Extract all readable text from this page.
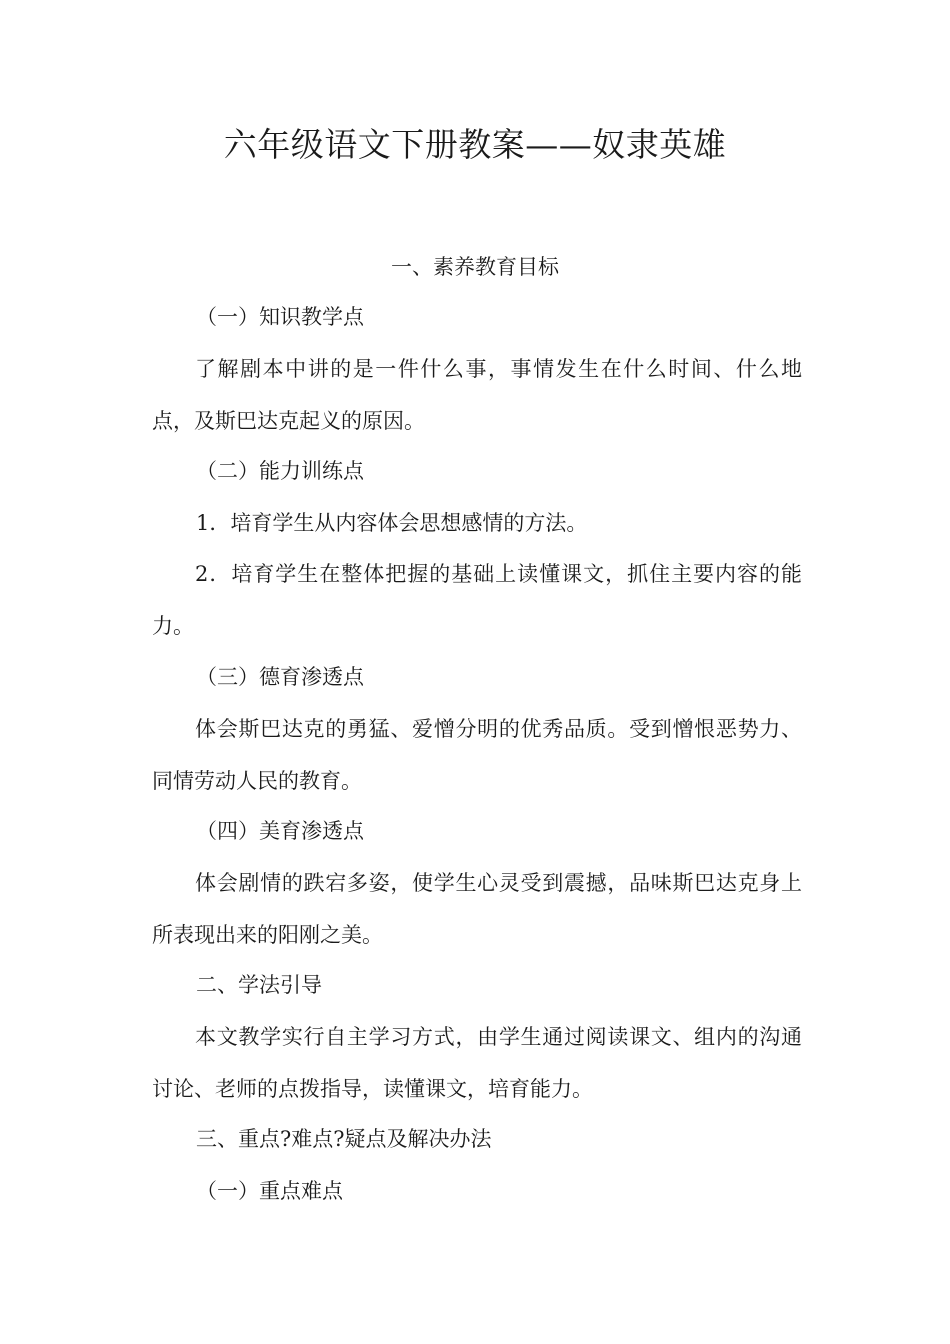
六年级语文下册教案——奴隶英雄

一、素养教育目标

（一）知识教学点

了解剧本中讲的是一件什么事，事情发生在什么时间、什么地点，及斯巴达克起义的原因。

（二）能力训练点

1．培育学生从内容体会思想感情的方法。

2．培育学生在整体把握的基础上读懂课文，抓住主要内容的能力。

（三）德育渗透点

体会斯巴达克的勇猛、爱憎分明的优秀品质。受到憎恨恶势力、同情劳动人民的教育。

（四）美育渗透点

体会剧情的跌宕多姿，使学生心灵受到震撼，品味斯巴达克身上所表现出来的阳刚之美。

二、学法引导

本文教学实行自主学习方式，由学生通过阅读课文、组内的沟通讨论、老师的点拨指导，读懂课文，培育能力。

三、重点?难点?疑点及解决办法

（一）重点难点
